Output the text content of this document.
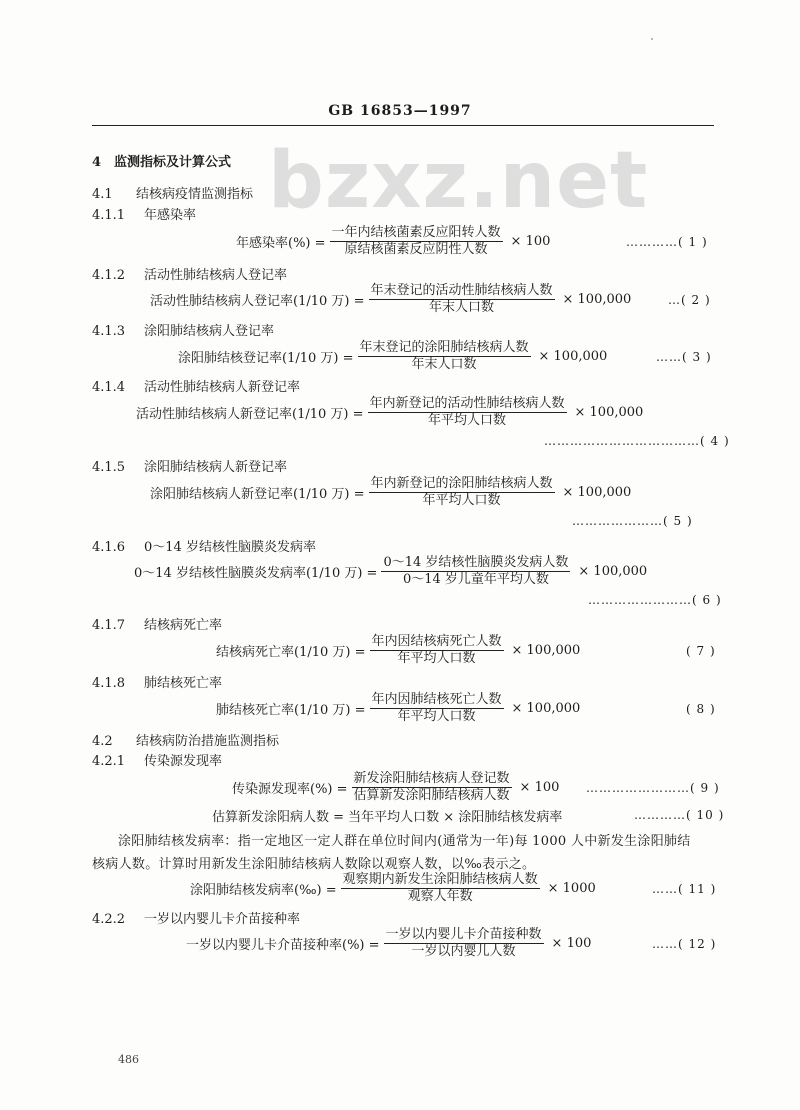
GB 16853—1997
bzxz.net
4　监测指标及计算公式
4.1 结核病疫情监测指标
4.1.1 年感染率
年感染率(%) = $\frac{\text{一年内结核菌素反应阳转人数}}{\text{原结核菌素反应阴性人数}} \times 100$	…………( 1 )
4.1.2 活动性肺结核病人登记率
活动性肺结核病人登记率(1/10 万) = $\frac{\text{年末登记的活动性肺结核病人数}}{\text{年末人口数}} \times 100,000$	…( 2 )
4.1.3 涂阳肺结核病人登记率
涂阳肺结核登记率(1/10 万) = $\frac{\text{年末登记的涂阳肺结核病人数}}{\text{年末人口数}} \times 100,000$	……( 3 )
4.1.4 活动性肺结核病人新登记率
活动性肺结核病人新登记率(1/10 万) = $\frac{\text{年内新登记的活动性肺结核病人数}}{\text{年平均人口数}} \times 100,000$
………………………………( 4 )
4.1.5 涂阳肺结核病人新登记率
涂阳肺结核病人新登记率(1/10 万) = $\frac{\text{年内新登记的涂阳肺结核病人数}}{\text{年平均人口数}} \times 100,000$
…………………( 5 )
4.1.6 0～14 岁结核性脑膜炎发病率
0～14 岁结核性脑膜炎发病率(1/10 万) = $\frac{\text{0～14 岁结核性脑膜炎发病人数}}{\text{0～14 岁儿童年平均人数}} \times 100,000$
……………………( 6 )
4.1.7 结核病死亡率
结核病死亡率(1/10 万) = $\frac{\text{年内因结核病死亡人数}}{\text{年平均人口数}} \times 100,000$	( 7 )
4.1.8 肺结核死亡率
肺结核死亡率(1/10 万) = $\frac{\text{年内因肺结核死亡人数}}{\text{年平均人口数}} \times 100,000$	( 8 )
4.2 结核病防治措施监测指标
4.2.1 传染源发现率
传染源发现率(%) = $\frac{\text{新发涂阳肺结核病人登记数}}{\text{估算新发涂阳肺结核病人数}} \times 100$ ……………………( 9 )
估算新发涂阳病人数 = 当年平均人口数 × 涂阳肺结核发病率	…………( 10 )
涂阳肺结核发病率：指一定地区一定人群在单位时间内(通常为一年)每 1000 人中新发生涂阳肺结
核病人数。计算时用新发生涂阳肺结核病人数除以观察人数，以‰表示之。
涂阳肺结核发病率(‰) = $\frac{\text{观察期内新发生涂阳肺结核病人数}}{\text{观察人年数}} \times 1000$	……( 11 )
4.2.2 一岁以内婴儿卡介苗接种率
一岁以内婴儿卡介苗接种率(%) = $\frac{\text{一岁以内婴儿卡介苗接种数}}{\text{一岁以内婴儿人数}} \times 100$	……( 12 )
486
